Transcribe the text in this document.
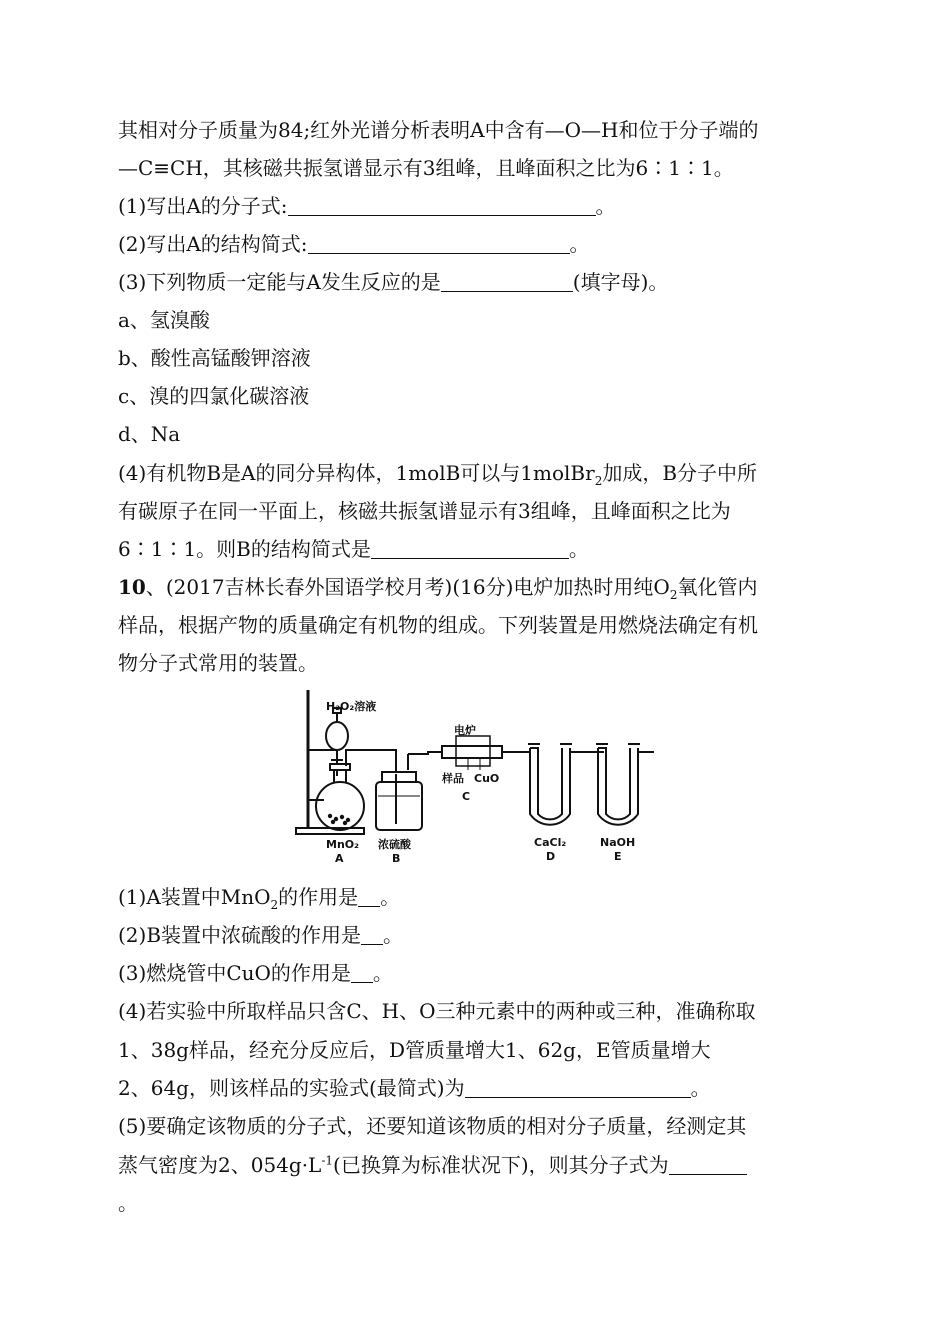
其相对分子质量为84;红外光谱分析表明A中含有—O—H和位于分子端的
—C≡CH，其核磁共振氢谱显示有3组峰，且峰面积之比为6∶1∶1。
(1)写出A的分子式:	。
(2)写出A的结构简式:	。
(3)下列物质一定能与A发生反应的是	(填字母)。
a、氢溴酸
b、酸性高锰酸钾溶液
c、溴的四氯化碳溶液
d、Na
(4)有机物B是A的同分异构体，1molB可以与1molBr$_2$加成，B分子中所
有碳原子在同一平面上，核磁共振氢谱显示有3组峰，且峰面积之比为
6∶1∶1。则B的结构简式是	。
10、(2017吉林长春外国语学校月考)(16分)电炉加热时用纯$O_2$氧化管内
样品，根据产物的质量确定有机物的组成。下列装置是用燃烧法确定有机
物分子式常用的装置。
H₂O₂溶液
电炉
样品 CuO
MnO₂ 浓硫酸	CaCl₂	NaOH
A	B
C
D	E
(1)A装置中MnO$_2$的作用是 。
(2)B装置中浓硫酸的作用是 。
(3)燃烧管中CuO的作用是 。
(4)若实验中所取样品只含C、H、O三种元素中的两种或三种，准确称取
1、38g样品，经充分反应后，D管质量增大1、62g，E管质量增大
2、64g，则该样品的实验式(最简式)为	。
(5)要确定该物质的分子式，还要知道该物质的相对分子质量，经测定其
蒸气密度为2、$054g\cdot L^{-1}$(已换算为标准状况下)，则其分子式为
。
